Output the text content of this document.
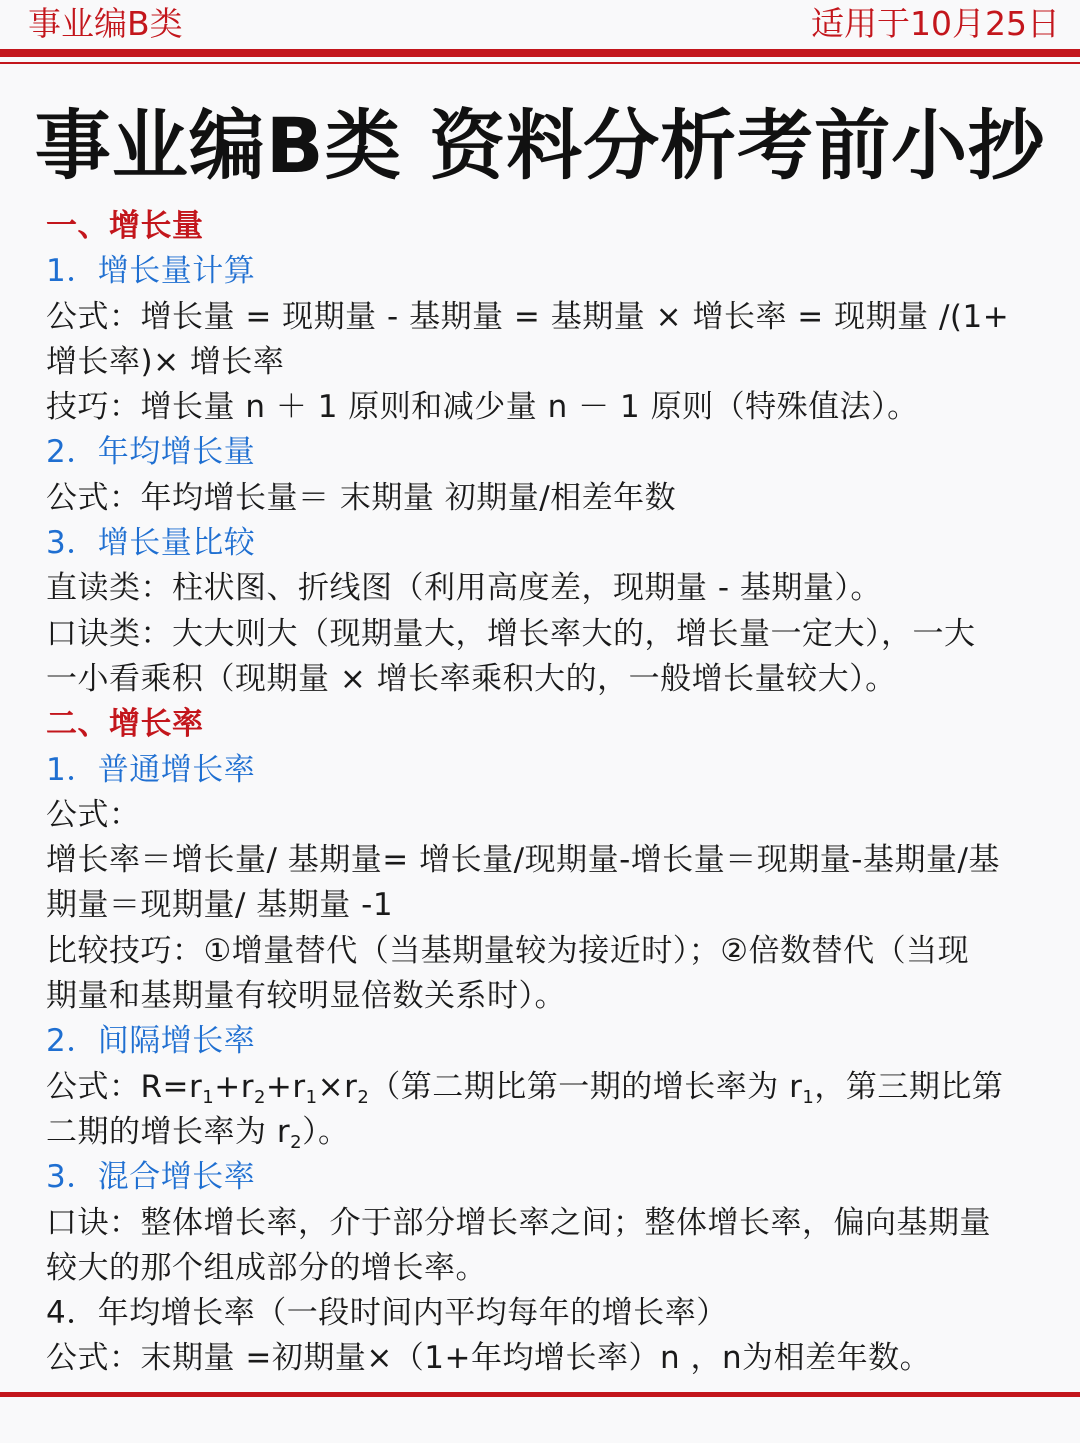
事业编B类	适用于10月25日
事业编B类 资料分析考前小抄
一、增长量
1．增长量计算
公式：增长量 = 现期量 - 基期量 = 基期量 × 增长率 = 现期量 /(1+
增长率)× 增长率
技巧：增长量 n ＋ 1 原则和减少量 n － 1 原则（特殊值法）。
2．年均增长量
公式：年均增长量＝ 末期量 初期量/相差年数
3．增长量比较
直读类：柱状图、折线图（利用高度差，现期量 - 基期量）。
口诀类：大大则大（现期量大，增长率大的，增长量一定大），一大
一小看乘积（现期量 × 增长率乘积大的，一般增长量较大）。
二、增长率
1．普通增长率
公式：
增长率＝增长量/ 基期量= 增长量/现期量-增长量＝现期量-基期量/基
期量＝现期量/ 基期量 -1
比较技巧：①增量替代（当基期量较为接近时）；②倍数替代（当现
期量和基期量有较明显倍数关系时）。
2．间隔增长率
公式：$R=r_1+r_2+r_1\times r_2$（第二期比第一期的增长率为 $r_1$，第三期比第
二期的增长率为 $r_2$）。
3．混合增长率
口诀：整体增长率，介于部分增长率之间；整体增长率，偏向基期量
较大的那个组成部分的增长率。
4．年均增长率（一段时间内平均每年的增长率）
公式：末期量 =初期量×（1+年均增长率）n ，n为相差年数。
